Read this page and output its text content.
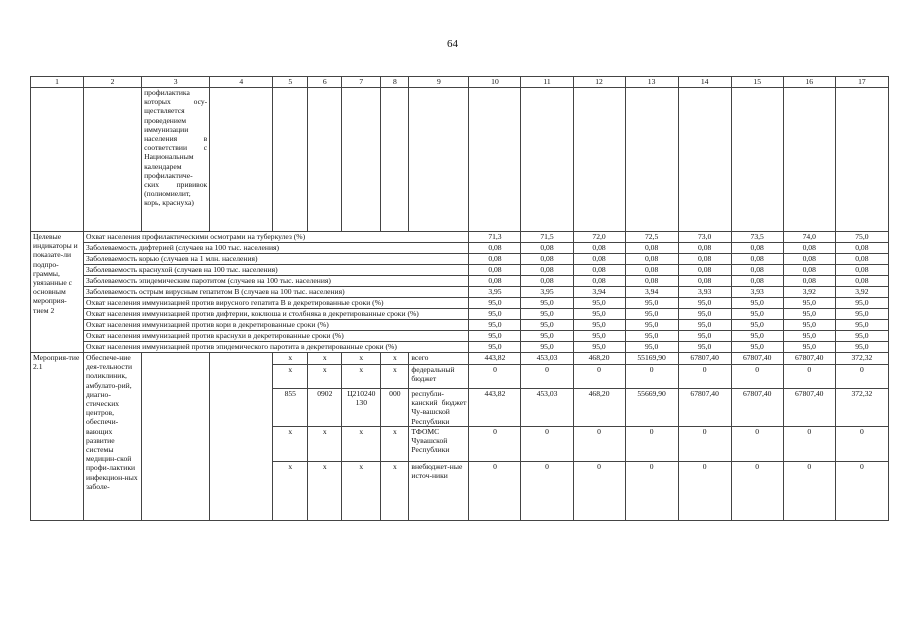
64
1	2	3	4	5	6	7	8	9	10	11	12	13	14	15	16	17
		профилактика которых осу-ществляется проведением иммунизации населения в соответствии с Национальным календарем профилактиче-ских прививок (полиомиелит, корь, краснуха)														
Целевые индикаторы и показате-ли подпро-граммы, увязанные с основным мероприя-тием 2	Охват населения профилактическими осмотрами на туберкулез (%)								71,3	71,5	72,0	72,5	73,0	73,5	74,0	75,0
	Заболеваемость дифтерией (случаев на 100 тыс. населения)								0,08	0,08	0,08	0,08	0,08	0,08	0,08	0,08
	Заболеваемость корью (случаев на 1 млн. населения)								0,08	0,08	0,08	0,08	0,08	0,08	0,08	0,08
	Заболеваемость краснухой (случаев на 100 тыс. населения)								0,08	0,08	0,08	0,08	0,08	0,08	0,08	0,08
	Заболеваемость эпидемическим паротитом (случаев на 100 тыс. населения)								0,08	0,08	0,08	0,08	0,08	0,08	0,08	0,08
	Заболеваемость острым вирусным гепатитом В (случаев на 100 тыс. населения)								3,95	3,95	3,94	3,94	3,93	3,93	3,92	3,92
	Охват населения иммунизацией против вирусного гепатита В в декретированные сроки (%)								95,0	95,0	95,0	95,0	95,0	95,0	95,0	95,0
	Охват населения иммунизацией против дифтерии, коклюша и столбняка в декретированные сроки (%)								95,0	95,0	95,0	95,0	95,0	95,0	95,0	95,0
	Охват населения иммунизацией против кори в декретированные сроки (%)								95,0	95,0	95,0	95,0	95,0	95,0	95,0	95,0
	Охват населения иммунизацией против краснухи в декретированные сроки (%)								95,0	95,0	95,0	95,0	95,0	95,0	95,0	95,0
	Охват населения иммунизацией против эпидемического паротита в декретированные сроки (%)								95,0	95,0	95,0	95,0	95,0	95,0	95,0	95,0
Мероприя-тие 2.1	Обеспече-ние дея-тельности поликлиник, амбулато-рий, диагно-стических центров, обеспечи-вающих развитие системы медицин-ской профи-лактики инфекцион-ных заболе-			x	x	x	x	всего	443,82	453,03	468,20	55169,90	67807,40	67807,40	67807,40	372,32
				x	x	x	x	федеральный бюджет	0	0	0	0	0	0	0	0
				855	0902	Ц210240 130	000	республи-канский бюджет Чу-вашской Республики	443,82	453,03	468,20	55669,90	67807,40	67807,40	67807,40	372,32
				x	x	x	x	ТФОМС Чувашской Республики	0	0	0	0	0	0	0	0
				x	x	x	x	внебюджет-ные источ-ники	0	0	0	0	0	0	0	0
